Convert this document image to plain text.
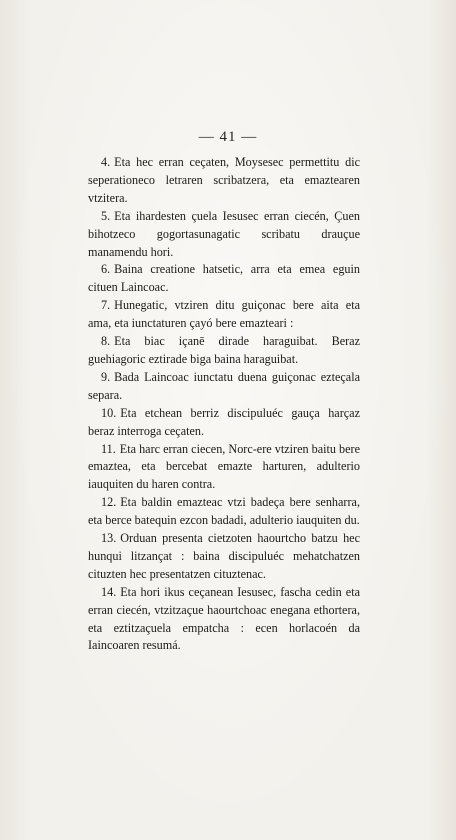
— 41 —

4. Eta hec erran ceçaten, Moysesec permettitu dic seperationeco letraren scribatzera, eta emaztearen vtzitera.

5. Eta ihardesten çuela Iesusec erran ciecén, Çuen bihotzeco gogortasunagatic scribatu drauçue manamendu hori.

6. Baina creatione hatsetic, arra eta emea eguin cituen Laincoac.

7. Hunegatic, vtziren ditu guiçonac bere aita eta ama, eta iunctaturen çayó bere emazteari :

8. Eta biac içanē dirade haraguibat. Beraz guehiagoric eztirade biga baina haraguibat.

9. Bada Laincoac iunctatu duena guiçonac ezteçala separa.

10. Eta etchean berriz discipuluéc gauça harçaz beraz interroga ceçaten.

11. Eta harc erran ciecen, Norc-ere vtziren baitu bere emaztea, eta bercebat emazte harturen, adulterio iauquiten du haren contra.

12. Eta baldin emazteac vtzi badeça bere senharra, eta berce batequin ezcon badadi, adulterio iauquiten du.

13. Orduan presenta cietzoten haourtcho batzu hec hunqui litzançat : baina discipuluéc mehatchatzen cituzten hec presentatzen cituztenac.

14. Eta hori ikus ceçanean Iesusec, fascha cedin eta erran ciecén, vtzitzaçue haourtchoac enegana ethortera, eta eztitzaçuela empatcha : ecen horlacoén da Iaincoaren resumá.
